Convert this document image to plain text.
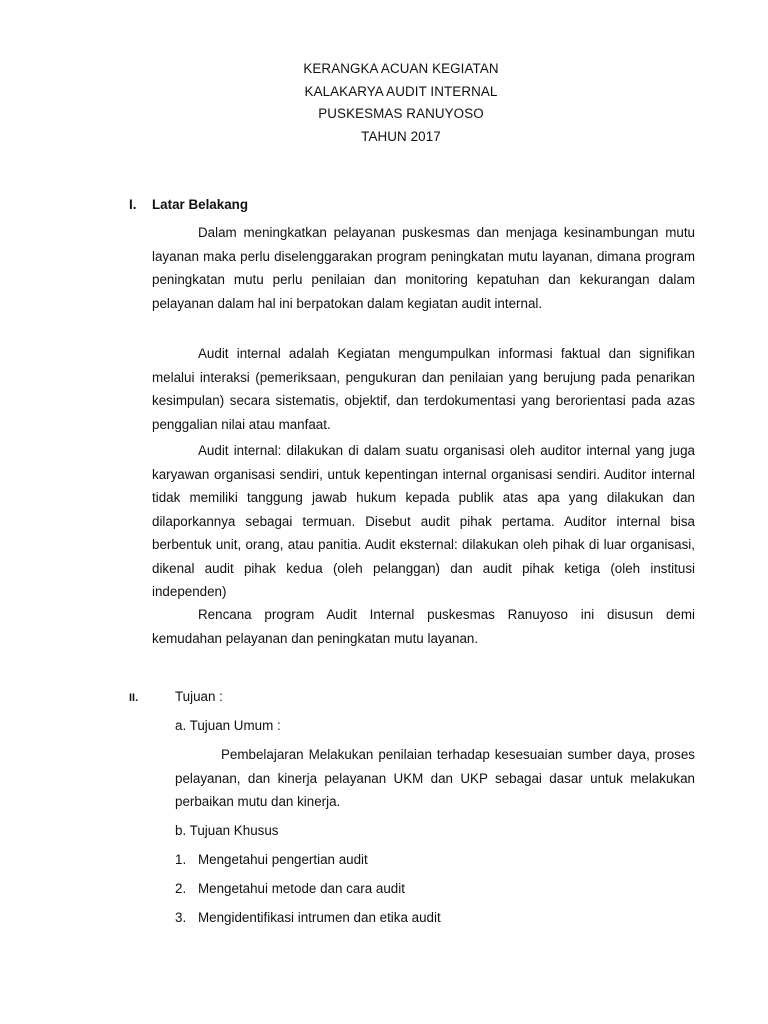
KERANGKA ACUAN KEGIATAN
KALAKARYA AUDIT INTERNAL
PUSKESMAS RANUYOSO
TAHUN 2017
I. Latar Belakang

Dalam meningkatkan pelayanan puskesmas dan menjaga kesinambungan mutu layanan maka perlu diselenggarakan program peningkatan mutu layanan, dimana program peningkatan mutu perlu penilaian dan monitoring kepatuhan dan kekurangan dalam pelayanan dalam hal ini berpatokan dalam kegiatan audit internal.

Audit internal adalah Kegiatan mengumpulkan informasi faktual dan signifikan melalui interaksi (pemeriksaan, pengukuran dan penilaian yang berujung pada penarikan kesimpulan) secara sistematis, objektif, dan terdokumentasi yang berorientasi pada azas penggalian nilai atau manfaat.

Audit internal: dilakukan di dalam suatu organisasi oleh auditor internal yang juga karyawan organisasi sendiri, untuk kepentingan internal organisasi sendiri. Auditor internal tidak memiliki tanggung jawab hukum kepada publik atas apa yang dilakukan dan dilaporkannya sebagai termuan. Disebut audit pihak pertama. Auditor internal bisa berbentuk unit, orang, atau panitia. Audit eksternal: dilakukan oleh pihak di luar organisasi, dikenal audit pihak kedua (oleh pelanggan) dan audit pihak ketiga (oleh institusi independen)

Rencana program Audit Internal puskesmas Ranuyoso ini disusun demi kemudahan pelayanan dan peningkatan mutu layanan.

II.	Tujuan :
a. Tujuan Umum :

Pembelajaran Melakukan penilaian terhadap kesesuaian sumber daya, proses pelayanan, dan kinerja pelayanan UKM dan UKP sebagai dasar untuk melakukan perbaikan mutu dan kinerja.

b. Tujuan Khusus
1. Mengetahui pengertian audit
2. Mengetahui metode dan cara audit
3. Mengidentifikasi intrumen dan etika audit
